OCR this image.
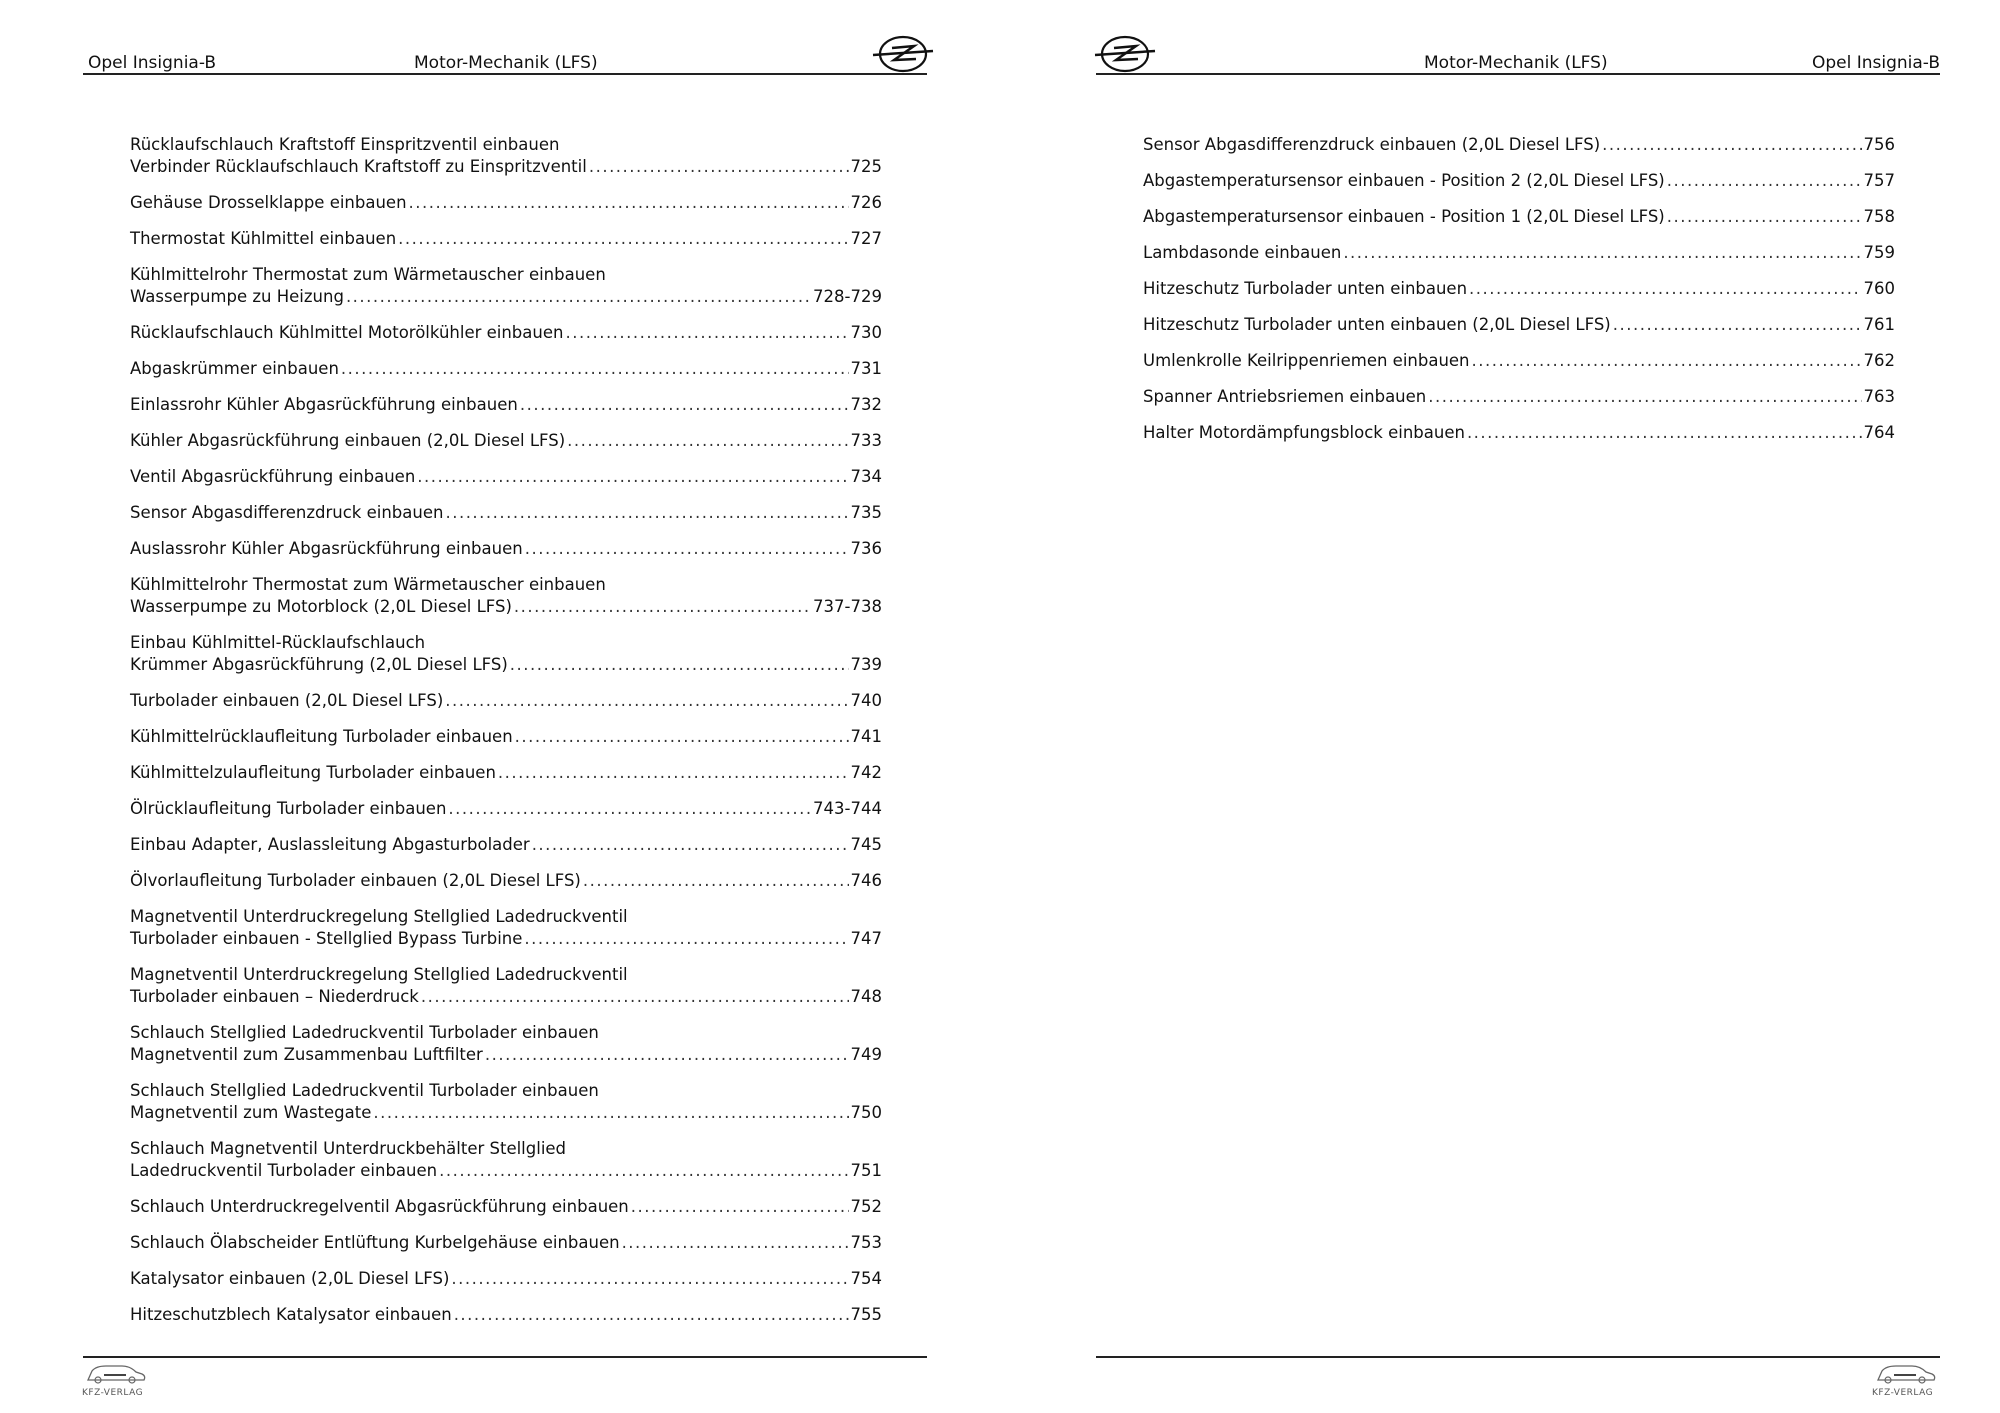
Opel Insignia-B	Motor-Mechanik (LFS)
Rücklaufschlauch Kraftstoff Einspritzventil einbauen
Verbinder Rücklaufschlauch Kraftstoff zu Einspritzventil .....	725
Gehäuse Drosselklappe einbauen .....	726
Thermostat Kühlmittel einbauen .....	727
Kühlmittelrohr Thermostat zum Wärmetauscher einbauen
Wasserpumpe zu Heizung .....	728-729
Rücklaufschlauch Kühlmittel Motorölkühler einbauen .....	730
Abgaskrümmer einbauen .....	731
Einlassrohr Kühler Abgasrückführung einbauen .....	732
Kühler Abgasrückführung einbauen (2,0L Diesel LFS) .....	733
Ventil Abgasrückführung einbauen .....	734
Sensor Abgasdifferenzdruck einbauen .....	735
Auslassrohr Kühler Abgasrückführung einbauen .....	736
Kühlmittelrohr Thermostat zum Wärmetauscher einbauen
Wasserpumpe zu Motorblock (2,0L Diesel LFS) .....	737-738
Einbau Kühlmittel-Rücklaufschlauch
Krümmer Abgasrückführung (2,0L Diesel LFS) .....	739
Turbolader einbauen (2,0L Diesel LFS) .....	740
Kühlmittelrücklaufleitung Turbolader einbauen .....	741
Kühlmittelzulaufleitung Turbolader einbauen .....	742
Ölrücklaufleitung Turbolader einbauen .....	743-744
Einbau Adapter, Auslassleitung Abgasturbolader .....	745
Ölvorlaufleitung Turbolader einbauen (2,0L Diesel LFS) .....	746
Magnetventil Unterdruckregelung Stellglied Ladedruckventil
Turbolader einbauen - Stellglied Bypass Turbine .....	747
Magnetventil Unterdruckregelung Stellglied Ladedruckventil
Turbolader einbauen – Niederdruck .....	748
Schlauch Stellglied Ladedruckventil Turbolader einbauen
Magnetventil zum Zusammenbau Luftfilter .....	749
Schlauch Stellglied Ladedruckventil Turbolader einbauen
Magnetventil zum Wastegate .....	750
Schlauch Magnetventil Unterdruckbehälter Stellglied
Ladedruckventil Turbolader einbauen .....	751
Schlauch Unterdruckregelventil Abgasrückführung einbauen .....	752
Schlauch Ölabscheider Entlüftung Kurbelgehäuse einbauen .....	753
Katalysator einbauen (2,0L Diesel LFS) .....	754
Hitzeschutzblech Katalysator einbauen .....	755
KFZ-VERLAG
Motor-Mechanik (LFS)	Opel Insignia-B
Sensor Abgasdifferenzdruck einbauen (2,0L Diesel LFS) .....	756
Abgastemperatursensor einbauen - Position 2 (2,0L Diesel LFS) .....	757
Abgastemperatursensor einbauen - Position 1 (2,0L Diesel LFS) .....	758
Lambdasonde einbauen .....	759
Hitzeschutz Turbolader unten einbauen .....	760
Hitzeschutz Turbolader unten einbauen (2,0L Diesel LFS) .....	761
Umlenkrolle Keilrippenriemen einbauen .....	762
Spanner Antriebsriemen einbauen .....	763
Halter Motordämpfungsblock einbauen .....	764
KFZ-VERLAG
